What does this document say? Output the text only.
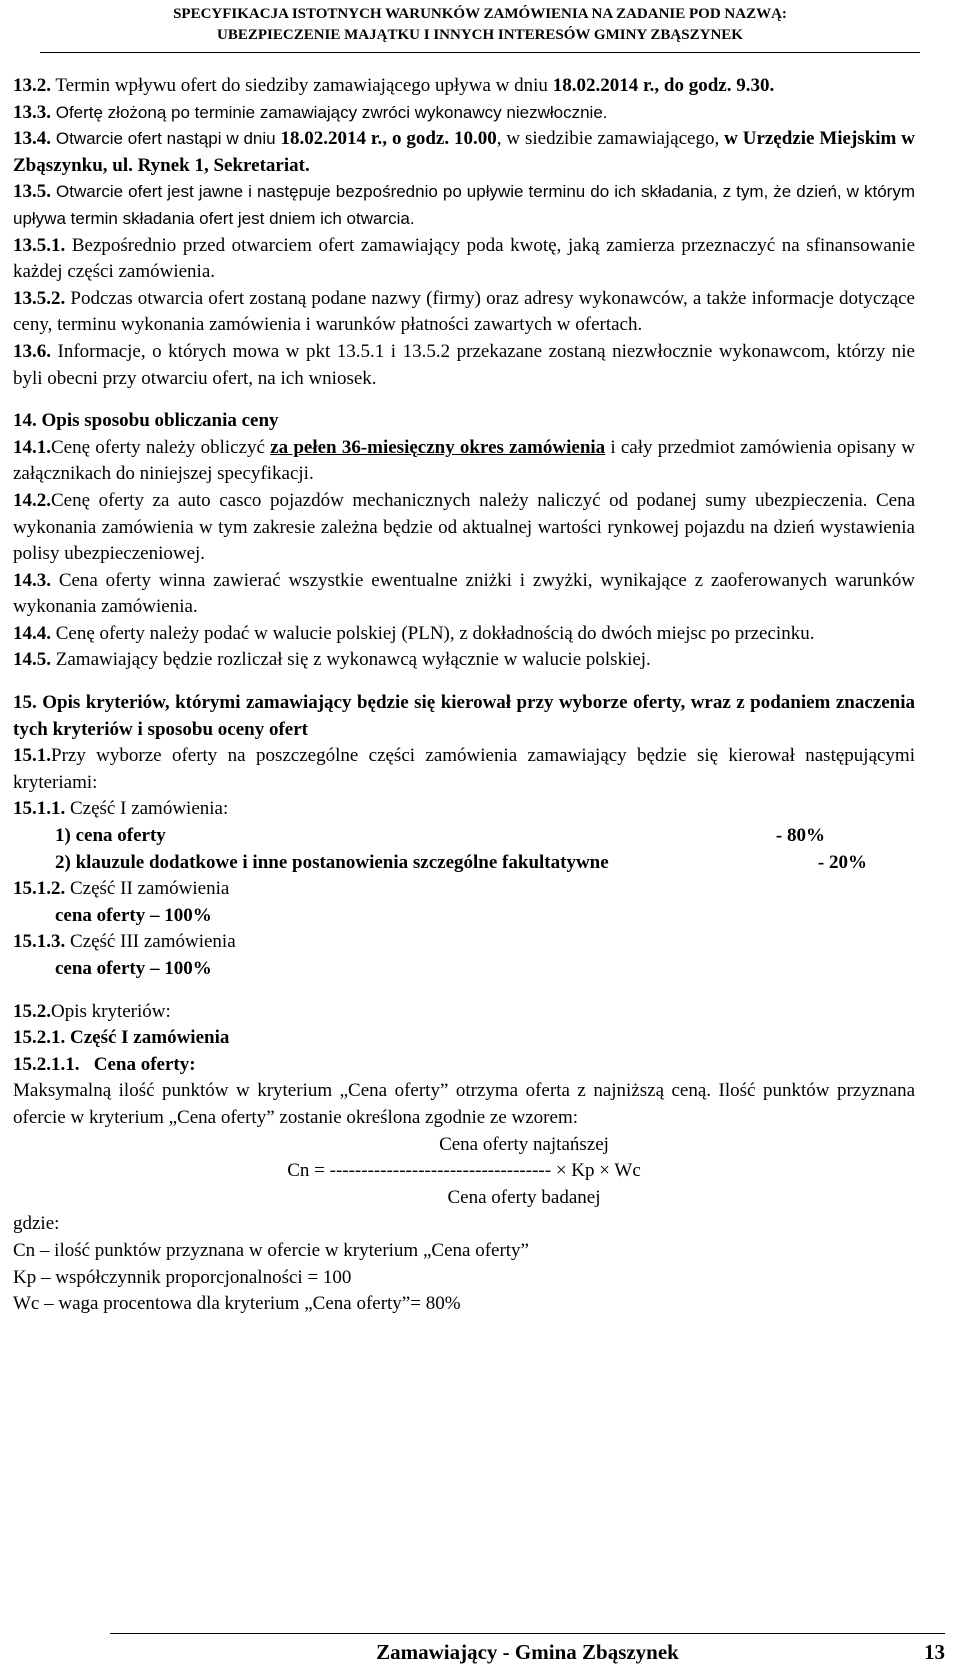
SPECYFIKACJA ISTOTNYCH WARUNKÓW ZAMÓWIENIA NA ZADANIE POD NAZWĄ:
UBEZPIECZENIE MAJĄTKU I INNYCH INTERESÓW GMINY ZBĄSZYNEK

13.2. Termin wpływu ofert do siedziby zamawiającego upływa w dniu 18.02.2014 r., do godz. 9.30.

13.3. Ofertę złożoną po terminie zamawiający zwróci wykonawcy niezwłocznie.

13.4. Otwarcie ofert nastąpi w dniu 18.02.2014 r., o godz. 10.00, w siedzibie zamawiającego, w Urzędzie Miejskim w Zbąszynku, ul. Rynek 1, Sekretariat.

13.5. Otwarcie ofert jest jawne i następuje bezpośrednio po upływie terminu do ich składania, z tym, że dzień, w którym upływa termin składania ofert jest dniem ich otwarcia.

13.5.1. Bezpośrednio przed otwarciem ofert zamawiający poda kwotę, jaką zamierza przeznaczyć na sfinansowanie każdej części zamówienia.

13.5.2. Podczas otwarcia ofert zostaną podane nazwy (firmy) oraz adresy wykonawców, a także informacje dotyczące ceny, terminu wykonania zamówienia i warunków płatności zawartych w ofertach.

13.6. Informacje, o których mowa w pkt 13.5.1 i 13.5.2 przekazane zostaną niezwłocznie wykonawcom, którzy nie byli obecni przy otwarciu ofert, na ich wniosek.

14. Opis sposobu obliczania ceny

14.1.Cenę oferty należy obliczyć za pełen 36-miesięczny okres zamówienia i cały przedmiot zamówienia opisany w załącznikach do niniejszej specyfikacji.

14.2.Cenę oferty za auto casco pojazdów mechanicznych należy naliczyć od podanej sumy ubezpieczenia. Cena wykonania zamówienia w tym zakresie zależna będzie od aktualnej wartości rynkowej pojazdu na dzień wystawienia polisy ubezpieczeniowej.

14.3. Cena oferty winna zawierać wszystkie ewentualne zniżki i zwyżki, wynikające z zaoferowanych warunków wykonania zamówienia.

14.4. Cenę oferty należy podać w walucie polskiej (PLN), z dokładnością do dwóch miejsc po przecinku.

14.5. Zamawiający będzie rozliczał się z wykonawcą wyłącznie w walucie polskiej.

15. Opis kryteriów, którymi zamawiający będzie się kierował przy wyborze oferty, wraz z podaniem znaczenia tych kryteriów i sposobu oceny ofert

15.1.Przy wyborze oferty na poszczególne części zamówienia zamawiający będzie się kierował następującymi kryteriami:

15.1.1. Część I zamówienia:

1) cena oferty	- 80%
2) klauzule dodatkowe i inne postanowienia szczególne fakultatywne	- 20%

15.1.2. Część II zamówienia

cena oferty – 100%

15.1.3. Część III zamówienia

cena oferty – 100%

15.2.Opis kryteriów:

15.2.1. Część I zamówienia

15.2.1.1. Cena oferty:

Maksymalną ilość punktów w kryterium „Cena oferty” otrzyma oferta z najniższą ceną. Ilość punktów przyznana ofercie w kryterium „Cena oferty” zostanie określona zgodnie ze wzorem:

Cena oferty najtańszej
Cn = ----------------------------------- × Kp × Wc
Cena oferty badanej

gdzie:

Cn – ilość punktów przyznana w ofercie w kryterium „Cena oferty”

Kp – współczynnik proporcjonalności = 100

Wc – waga procentowa dla kryterium „Cena oferty”= 80%

Zamawiający - Gmina Zbąszynek	13
